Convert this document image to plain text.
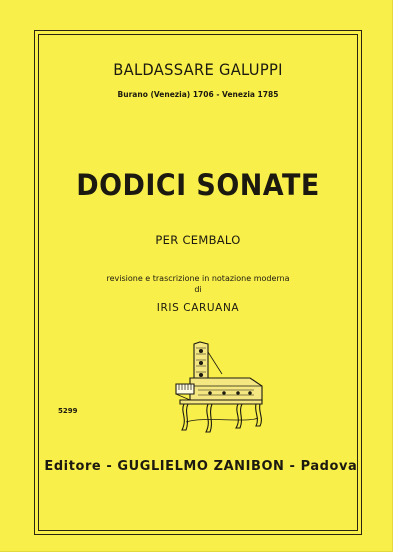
BALDASSARE GALUPPI
Burano (Venezia) 1706 - Venezia 1785
DODICI SONATE
PER CEMBALO
revisione e trascrizione in notazione moderna
di
IRIS CARUANA
5299
Editore - GUGLIELMO ZANIBON - Padova
